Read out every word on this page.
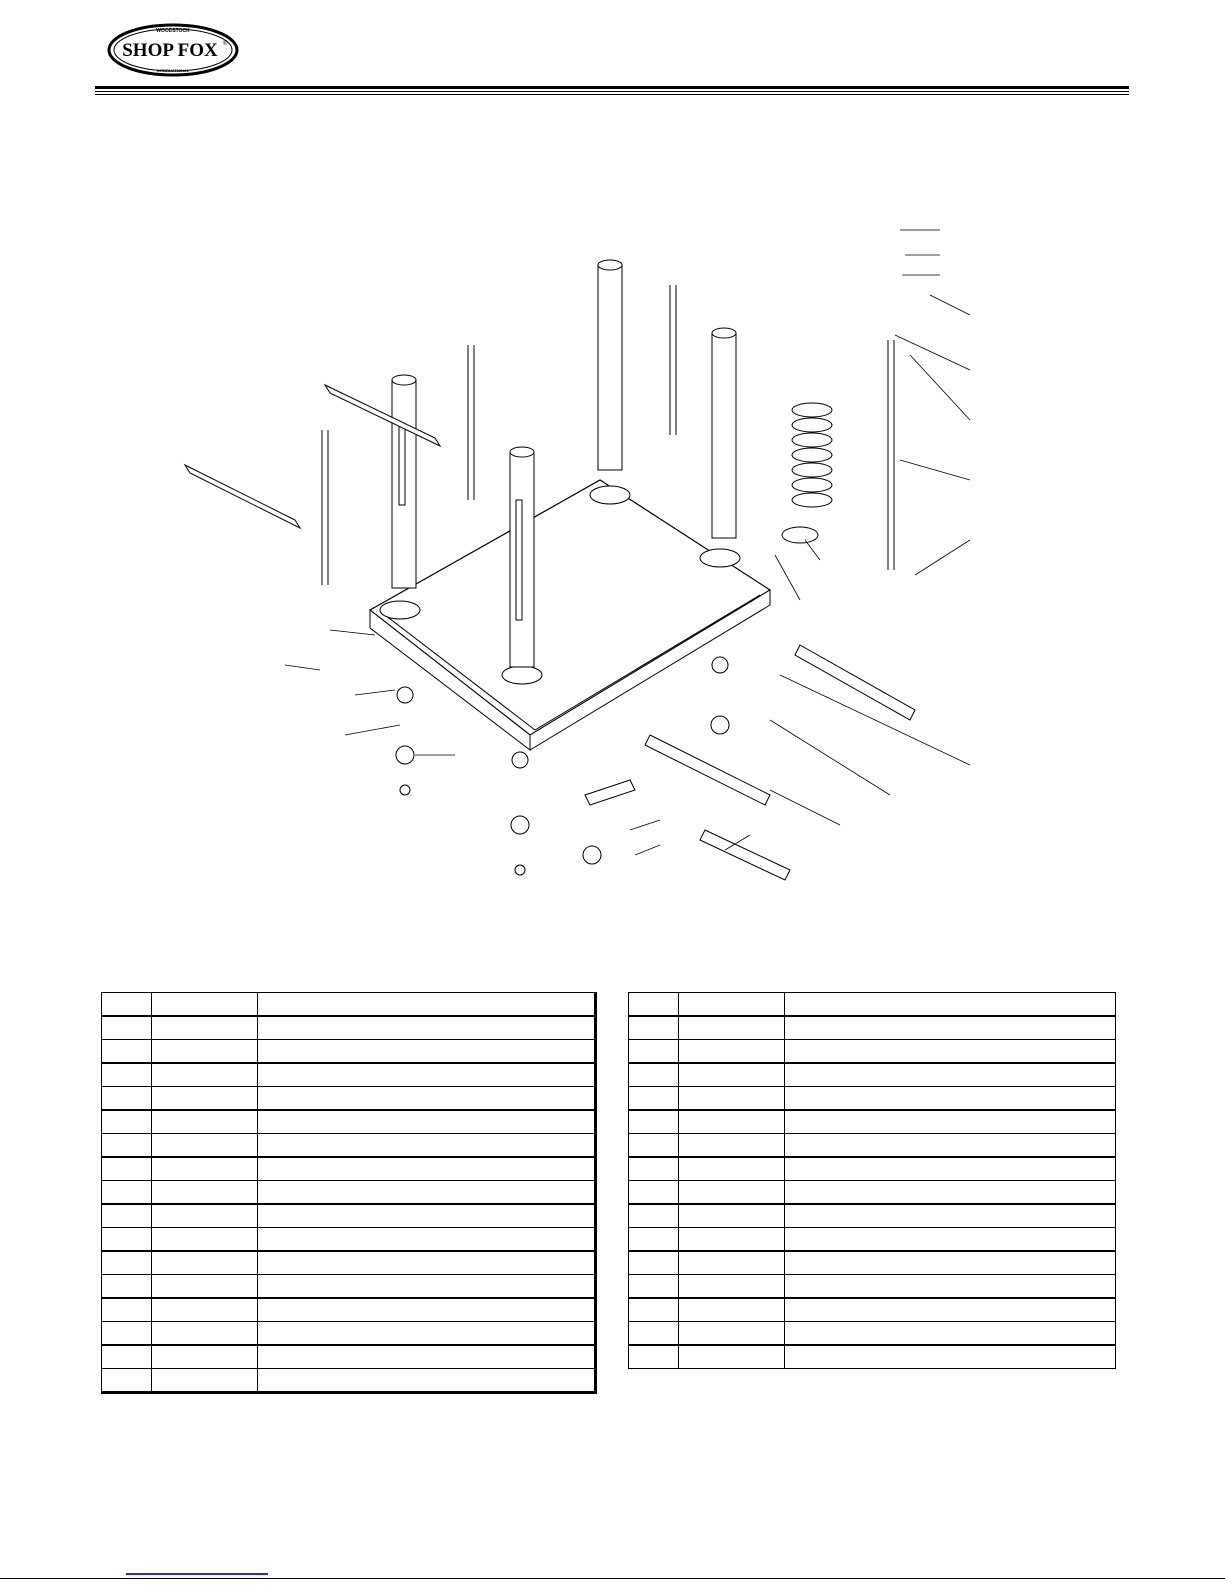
WOODSTOCK
SHOP FOX ®
INTERNATIONAL
